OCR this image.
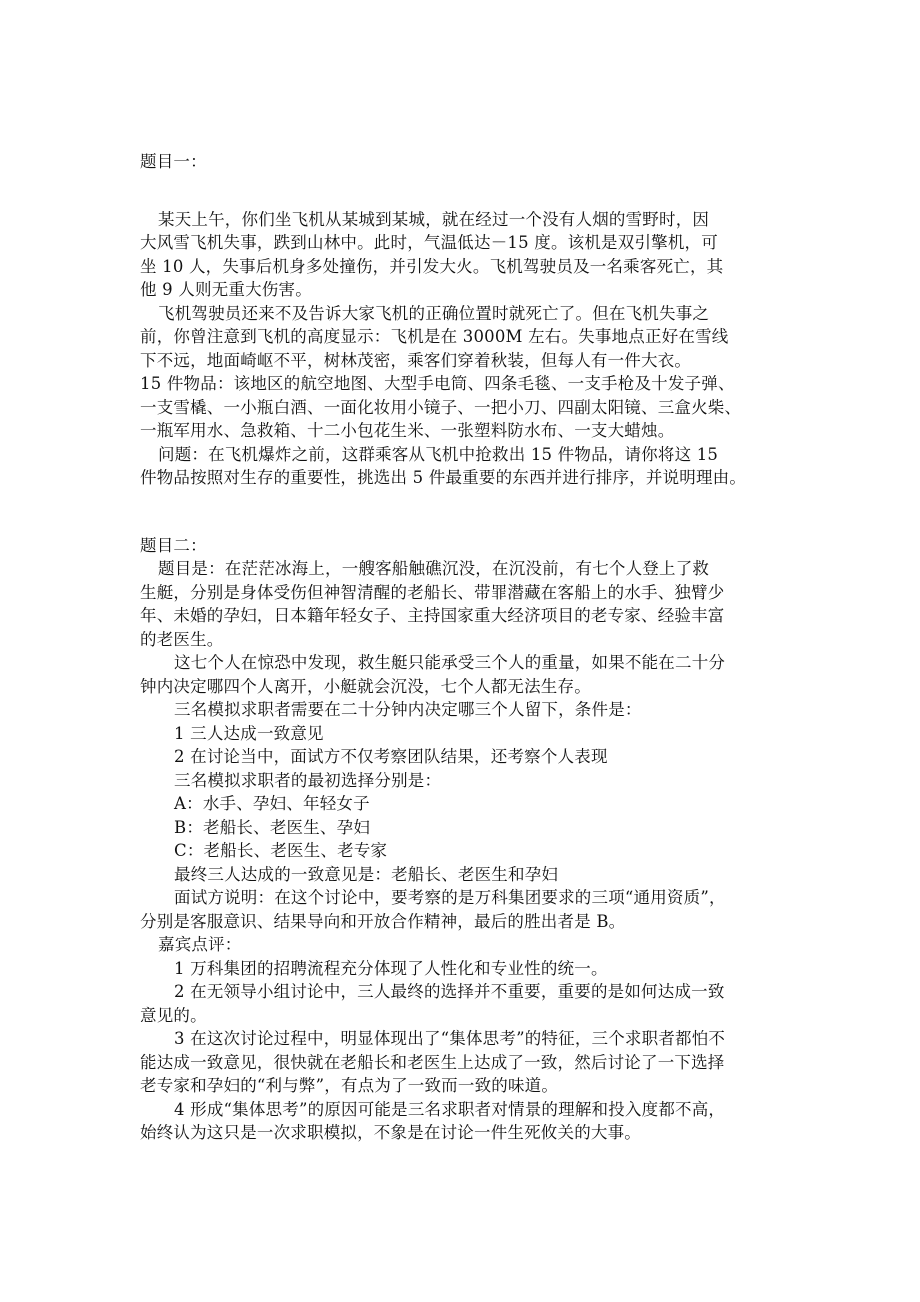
题目一：
某天上午，你们坐飞机从某城到某城，就在经过一个没有人烟的雪野时，因
大风雪飞机失事，跌到山林中。此时，气温低达－15 度。该机是双引擎机，可
坐 10 人，失事后机身多处撞伤，并引发大火。飞机驾驶员及一名乘客死亡，其
他 9 人则无重大伤害。
飞机驾驶员还来不及告诉大家飞机的正确位置时就死亡了。但在飞机失事之
前，你曾注意到飞机的高度显示：飞机是在 3000M 左右。失事地点正好在雪线
下不远，地面崎岖不平，树林茂密，乘客们穿着秋装，但每人有一件大衣。
15 件物品：该地区的航空地图、大型手电筒、四条毛毯、一支手枪及十发子弹、
一支雪橇、一小瓶白酒、一面化妆用小镜子、一把小刀、四副太阳镜、三盒火柴、
一瓶军用水、急救箱、十二小包花生米、一张塑料防水布、一支大蜡烛。
问题：在飞机爆炸之前，这群乘客从飞机中抢救出 15 件物品，请你将这 15
件物品按照对生存的重要性，挑选出 5 件最重要的东西并进行排序，并说明理由。
题目二：
题目是：在茫茫冰海上，一艘客船触礁沉没，在沉没前，有七个人登上了救
生艇，分别是身体受伤但神智清醒的老船长、带罪潜藏在客船上的水手、独臂少
年、未婚的孕妇，日本籍年轻女子、主持国家重大经济项目的老专家、经验丰富
的老医生。
这七个人在惊恐中发现，救生艇只能承受三个人的重量，如果不能在二十分
钟内决定哪四个人离开，小艇就会沉没，七个人都无法生存。
三名模拟求职者需要在二十分钟内决定哪三个人留下，条件是：
1 三人达成一致意见
2 在讨论当中，面试方不仅考察团队结果，还考察个人表现
三名模拟求职者的最初选择分别是：
A：水手、孕妇、年轻女子
B：老船长、老医生、孕妇
C：老船长、老医生、老专家
最终三人达成的一致意见是：老船长、老医生和孕妇
面试方说明：在这个讨论中，要考察的是万科集团要求的三项“通用资质”，
分别是客服意识、结果导向和开放合作精神，最后的胜出者是 B。
嘉宾点评：
1 万科集团的招聘流程充分体现了人性化和专业性的统一。
2 在无领导小组讨论中，三人最终的选择并不重要，重要的是如何达成一致
意见的。
3 在这次讨论过程中，明显体现出了“集体思考”的特征，三个求职者都怕不
能达成一致意见，很快就在老船长和老医生上达成了一致，然后讨论了一下选择
老专家和孕妇的“利与弊”，有点为了一致而一致的味道。
4 形成“集体思考”的原因可能是三名求职者对情景的理解和投入度都不高，
始终认为这只是一次求职模拟，不象是在讨论一件生死攸关的大事。
